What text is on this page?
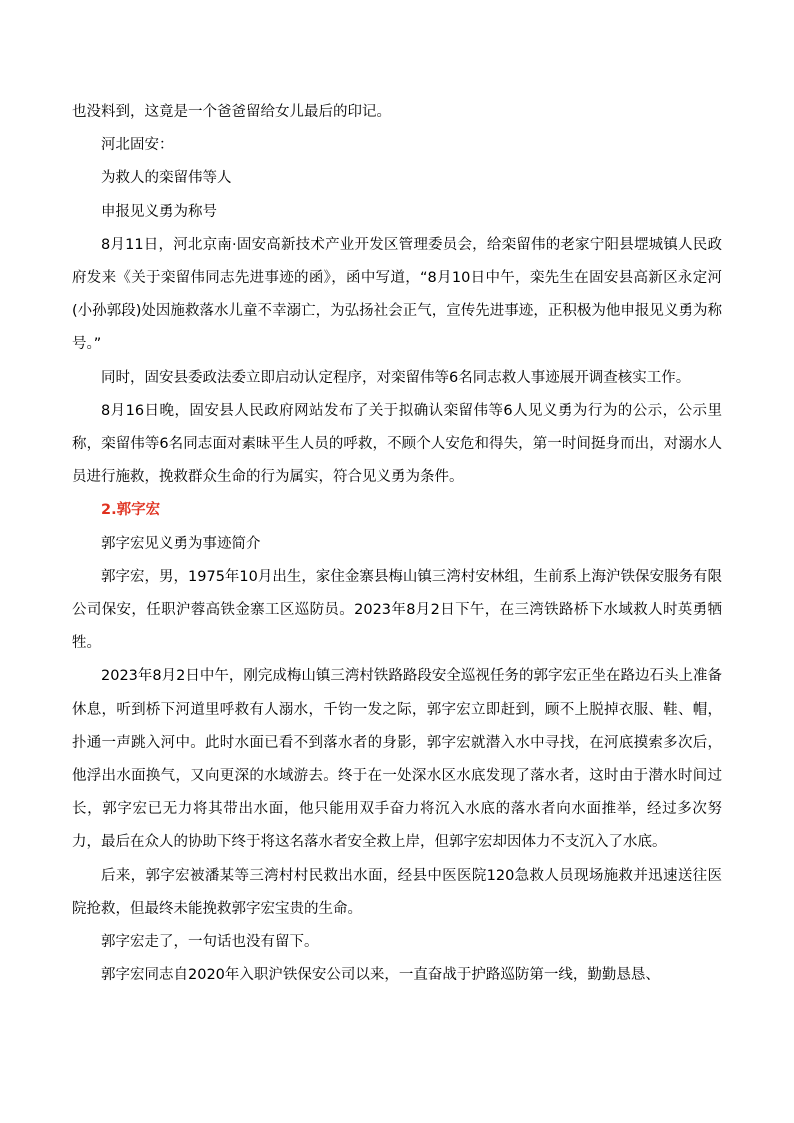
也没料到，这竟是一个爸爸留给女儿最后的印记。

河北固安：

为救人的栾留伟等人

申报见义勇为称号

8月11日，河北京南·固安高新技术产业开发区管理委员会，给栾留伟的老家宁阳县堽城镇人民政府发来《关于栾留伟同志先进事迹的函》，函中写道，“8月10日中午，栾先生在固安县高新区永定河(小孙郭段)处因施救落水儿童不幸溺亡，为弘扬社会正气，宣传先进事迹，正积极为他申报见义勇为称号。”

同时，固安县委政法委立即启动认定程序，对栾留伟等6名同志救人事迹展开调查核实工作。

8月16日晚，固安县人民政府网站发布了关于拟确认栾留伟等6人见义勇为行为的公示，公示里称，栾留伟等6名同志面对素昧平生人员的呼救，不顾个人安危和得失，第一时间挺身而出，对溺水人员进行施救，挽救群众生命的行为属实，符合见义勇为条件。

2.郭字宏

郭字宏见义勇为事迹简介

郭字宏，男，1975年10月出生，家住金寨县梅山镇三湾村安林组，生前系上海沪铁保安服务有限公司保安，任职沪蓉高铁金寨工区巡防员。2023年8月2日下午，在三湾铁路桥下水域救人时英勇牺牲。

2023年8月2日中午，刚完成梅山镇三湾村铁路路段安全巡视任务的郭字宏正坐在路边石头上准备休息，听到桥下河道里呼救有人溺水，千钧一发之际，郭字宏立即赶到，顾不上脱掉衣服、鞋、帽，扑通一声跳入河中。此时水面已看不到落水者的身影，郭字宏就潜入水中寻找，在河底摸索多次后，他浮出水面换气，又向更深的水域游去。终于在一处深水区水底发现了落水者，这时由于潜水时间过长，郭字宏已无力将其带出水面，他只能用双手奋力将沉入水底的落水者向水面推举，经过多次努力，最后在众人的协助下终于将这名落水者安全救上岸，但郭字宏却因体力不支沉入了水底。

后来，郭字宏被潘某等三湾村村民救出水面，经县中医医院120急救人员现场施救并迅速送往医院抢救，但最终未能挽救郭字宏宝贵的生命。

郭字宏走了，一句话也没有留下。

郭字宏同志自2020年入职沪铁保安公司以来，一直奋战于护路巡防第一线，勤勤恳恳、
